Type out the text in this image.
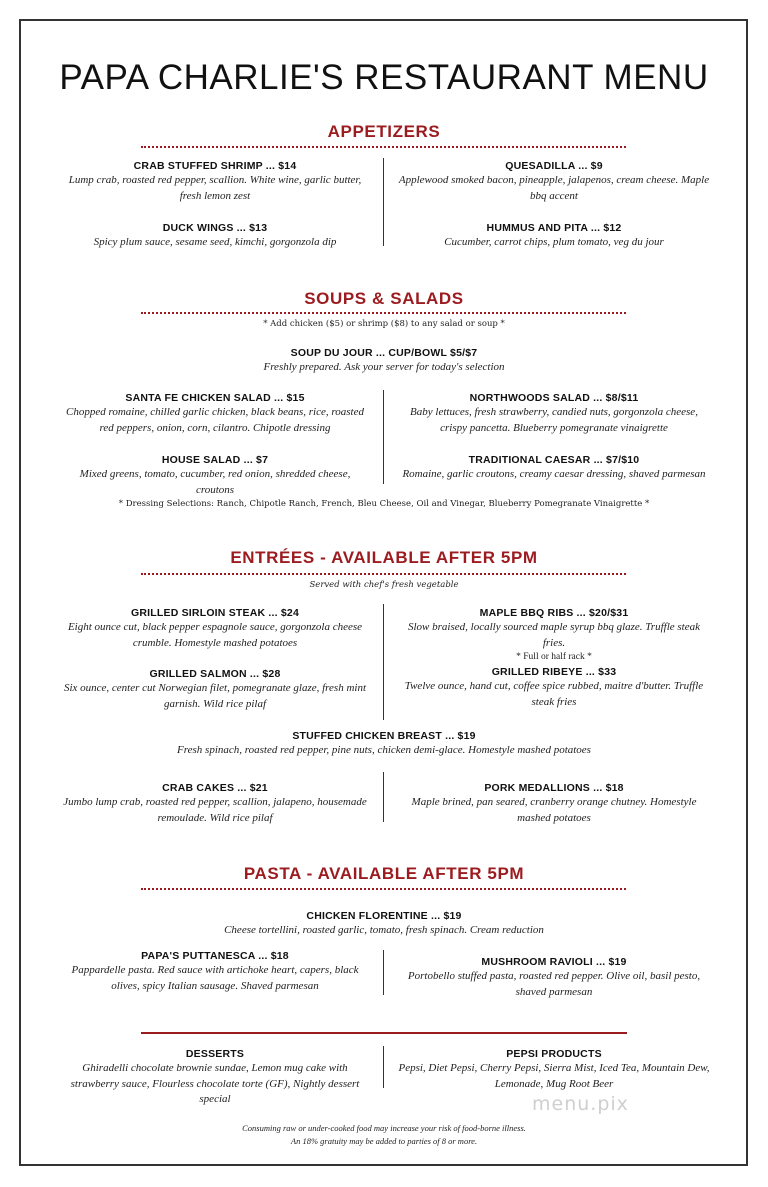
PAPA CHARLIE'S RESTAURANT MENU
APPETIZERS
CRAB STUFFED SHRIMP ... $14
Lump crab, roasted red pepper, scallion. White wine, garlic butter, fresh lemon zest
QUESADILLA ... $9
Applewood smoked bacon, pineapple, jalapenos, cream cheese. Maple bbq accent
DUCK WINGS ... $13
Spicy plum sauce, sesame seed, kimchi, gorgonzola dip
HUMMUS AND PITA ... $12
Cucumber, carrot chips, plum tomato, veg du jour
SOUPS & SALADS
* Add chicken ($5) or shrimp ($8) to any salad or soup *
SOUP DU JOUR ... CUP/BOWL $5/$7
Freshly prepared. Ask your server for today's selection
SANTA FE CHICKEN SALAD ... $15
Chopped romaine, chilled garlic chicken, black beans, rice, roasted red peppers, onion, corn, cilantro. Chipotle dressing
NORTHWOODS SALAD ... $8/$11
Baby lettuces, fresh strawberry, candied nuts, gorgonzola cheese, crispy pancetta. Blueberry pomegranate vinaigrette
HOUSE SALAD ... $7
Mixed greens, tomato, cucumber, red onion, shredded cheese, croutons
TRADITIONAL CAESAR ... $7/$10
Romaine, garlic croutons, creamy caesar dressing, shaved parmesan
* Dressing Selections: Ranch, Chipotle Ranch, French, Bleu Cheese, Oil and Vinegar, Blueberry Pomegranate Vinaigrette *
ENTRÉES - AVAILABLE AFTER 5PM
Served with chef's fresh vegetable
GRILLED SIRLOIN STEAK ... $24
Eight ounce cut, black pepper espagnole sauce, gorgonzola cheese crumble. Homestyle mashed potatoes
MAPLE BBQ RIBS ... $20/$31
Slow braised, locally sourced maple syrup bbq glaze. Truffle steak fries.
* Full or half rack *
GRILLED SALMON ... $28
Six ounce, center cut Norwegian filet, pomegranate glaze, fresh mint garnish. Wild rice pilaf
GRILLED RIBEYE ... $33
Twelve ounce, hand cut, coffee spice rubbed, maitre d'butter. Truffle steak fries
STUFFED CHICKEN BREAST ... $19
Fresh spinach, roasted red pepper, pine nuts, chicken demi-glace. Homestyle mashed potatoes
CRAB CAKES ... $21
Jumbo lump crab, roasted red pepper, scallion, jalapeno, housemade remoulade. Wild rice pilaf
PORK MEDALLIONS ... $18
Maple brined, pan seared, cranberry orange chutney. Homestyle mashed potatoes
PASTA - AVAILABLE AFTER 5PM
CHICKEN FLORENTINE ... $19
Cheese tortellini, roasted garlic, tomato, fresh spinach. Cream reduction
PAPA'S PUTTANESCA ... $18
Pappardelle pasta. Red sauce with artichoke heart, capers, black olives, spicy Italian sausage. Shaved parmesan
MUSHROOM RAVIOLI ... $19
Portobello stuffed pasta, roasted red pepper. Olive oil, basil pesto, shaved parmesan
DESSERTS
Ghiradelli chocolate brownie sundae, Lemon mug cake with strawberry sauce, Flourless chocolate torte (GF), Nightly dessert special
PEPSI PRODUCTS
Pepsi, Diet Pepsi, Cherry Pepsi, Sierra Mist, Iced Tea, Mountain Dew, Lemonade, Mug Root Beer
menu.pix
Consuming raw or under-cooked food may increase your risk of food-borne illness.
An 18% gratuity may be added to parties of 8 or more.
